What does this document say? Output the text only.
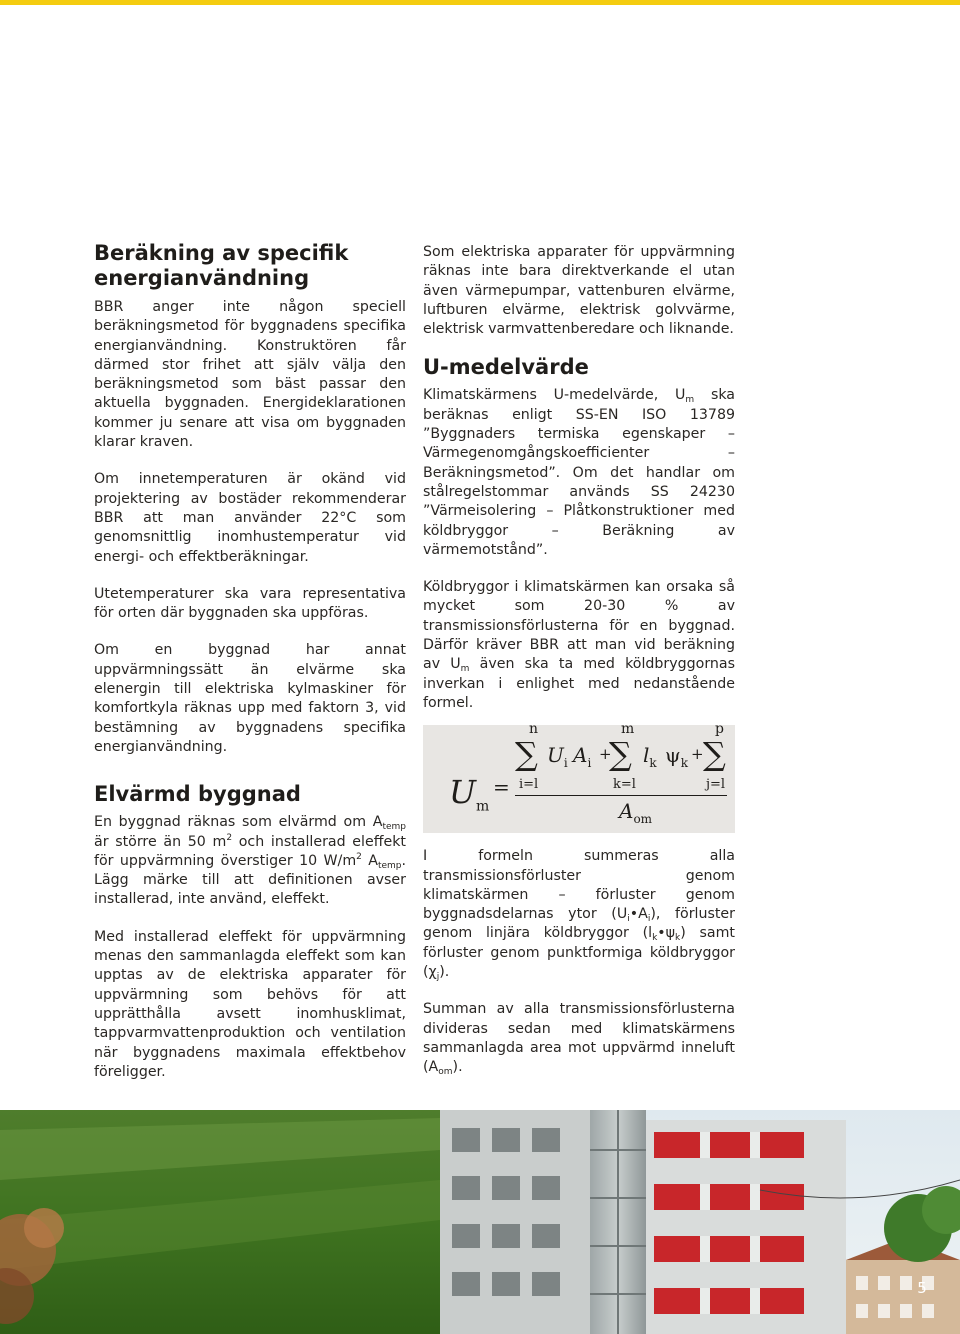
Beräkning av specifik energianvändning

BBR anger inte någon speciell beräkningsmetod för byggnadens specifika energianvändning. Konstruktören får därmed stor frihet att själv välja den beräkningsmetod som bäst passar den aktuella byggnaden. Energideklarationen kommer ju senare att visa om byggnaden klarar kraven.

Om innetemperaturen är okänd vid projektering av bostäder rekommenderar BBR att man använder 22°C som genomsnittlig inomhustemperatur vid energi- och effektberäkningar.

Utetemperaturer ska vara representativa för orten där byggnaden ska uppföras.

Om en byggnad har annat uppvärmningssätt än elvärme ska elenergin till elektriska kylmaskiner för komfortkyla räknas upp med faktorn 3, vid bestämning av byggnadens specifika energianvändning.

Elvärmd byggnad

En byggnad räknas som elvärmd om $A_{temp}$ är större än 50 $m^2$ och installerad eleffekt för uppvärmning överstiger 10 $W/m^2$ $A_{temp}$. Lägg märke till att definitionen avser installerad, inte använd, eleffekt.

Med installerad eleffekt för uppvärmning menas den sammanlagda eleffekt som kan upptas av de elektriska apparater för uppvärmning som behövs för att upprätthålla avsett inomhusklimat, tappvarmvattenproduktion och ventilation när byggnadens maximala effektbehov föreligger.

Som elektriska apparater för uppvärmning räknas inte bara direktverkande el utan även värmepumpar, vattenburen elvärme, luftburen elvärme, elektrisk golvvärme, elektrisk varmvattenberedare och liknande.

U-medelvärde

Klimatskärmens U-medelvärde, $U_m$ ska beräknas enligt SS-EN ISO 13789 ”Byggnaders termiska egenskaper – Värmegenomgångskoefficienter – Beräkningsmetod”. Om det handlar om stålregelstommar används SS 24230 ”Värmeisolering – Plåtkonstruktioner med köldbryggor – Beräkning av värmemotstånd”.

Köldbryggor i klimatskärmen kan orsaka så mycket som 20-30 % av transmissionsförlusterna för en byggnad. Därför kräver BBR att man vid beräkning av $U_m$ även ska ta med köldbryggornas inverkan i enlighet med nedanstående formel.

$U_m$
=
n
∑
i=l
$U_i$ $A_i$ +
m
∑
k=l
$l_k$ $\psi_k$ +
p
∑
j=l
$A_{om}$

I formeln summeras alla transmissionsförluster genom klimatskärmen – förluster genom byggnadsdelarnas ytor $(U_i•A_i)$, förluster genom linjära köldbryggor $(l_k•\psi_k)$ samt förluster genom punktformiga köldbryggor $(\chi_j)$.

Summan av alla transmissionsförlusterna divideras sedan med klimatskärmens sammanlagda area mot uppvärmd inneluft $(A_{om})$.

5
